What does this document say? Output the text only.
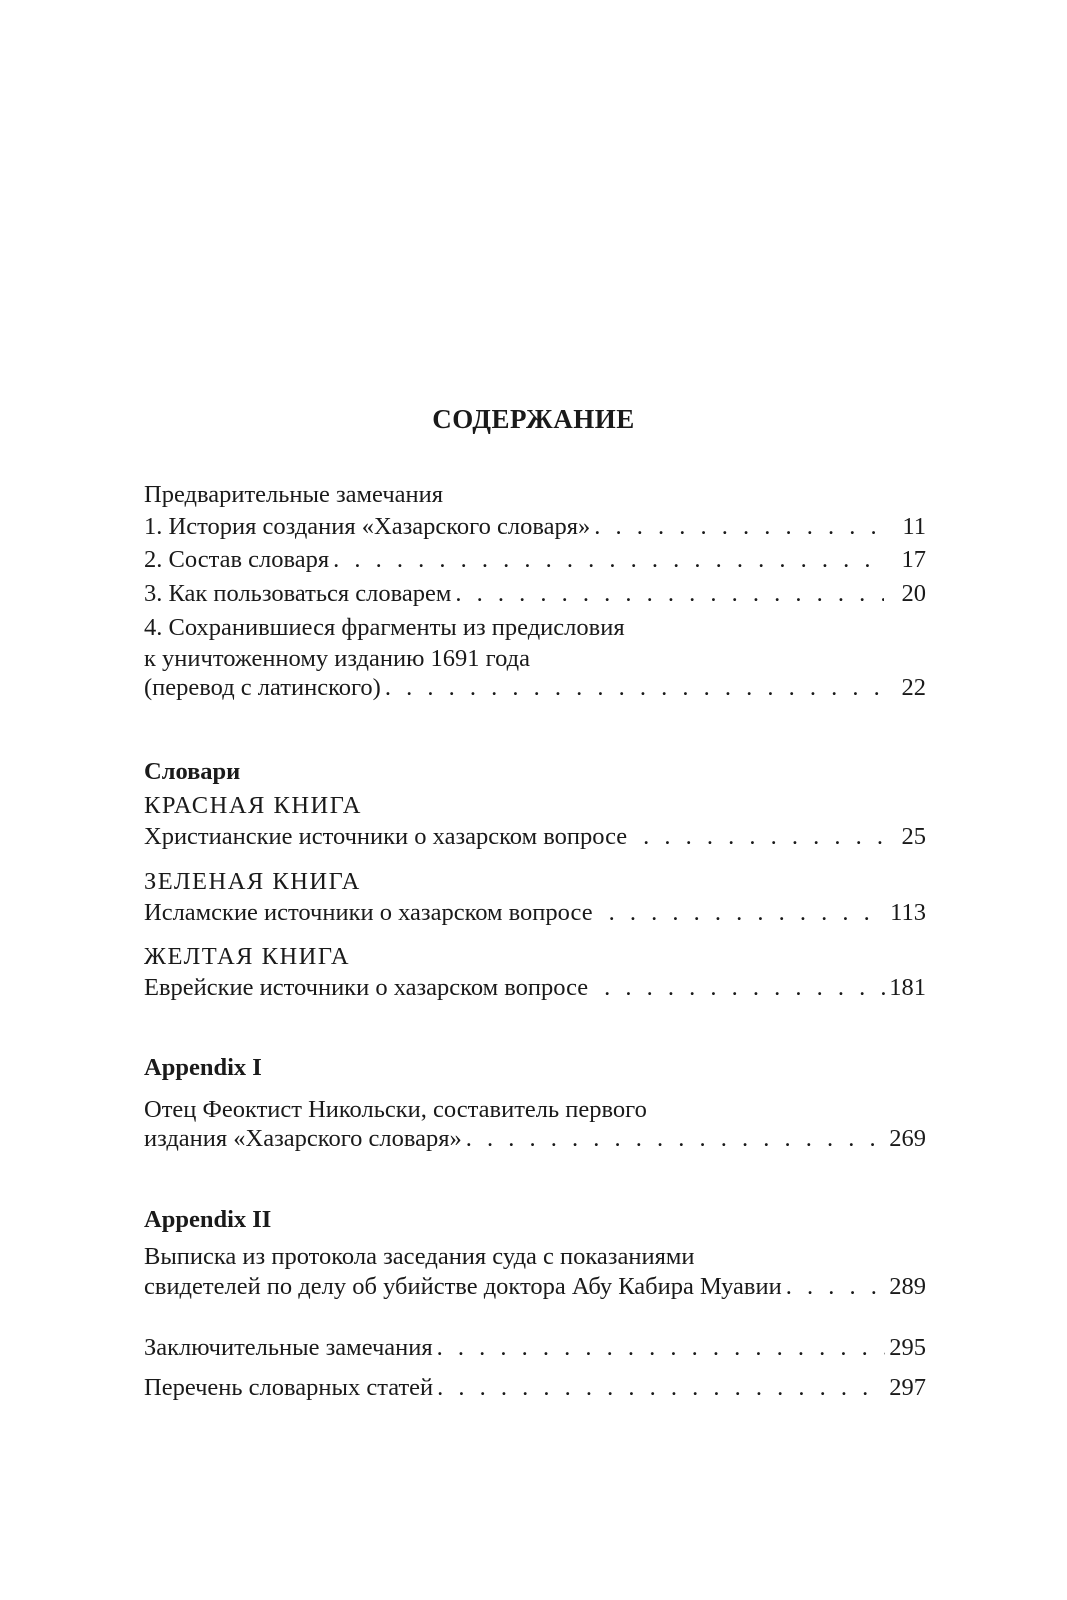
СОДЕРЖАНИЕ
Предварительные замечания
1. История создания «Хазарского словаря» . . .	11
2. Состав словаря . . .	17
3. Как пользоваться словарем . . .	20
4. Сохранившиеся фрагменты из предисловия
к уничтоженному изданию 1691 года
(перевод с латинского) . . .	22
Словари
КРАСНАЯ КНИГА
Христианские источники о хазарском вопросе . . .	25
ЗЕЛЕНАЯ КНИГА
Исламские источники о хазарском вопросе . . .	113
ЖЕЛТАЯ КНИГА
Еврейские источники о хазарском вопросе . . .	181
Appendix I
Отец Феоктист Никольски, составитель первого
издания «Хазарского словаря» . . .	269
Appendix II
Выписка из протокола заседания суда с показаниями
свидетелей по делу об убийстве доктора Абу Кабира Муавии . . .	289
Заключительные замечания . . .	295
Перечень словарных статей . . .	297
